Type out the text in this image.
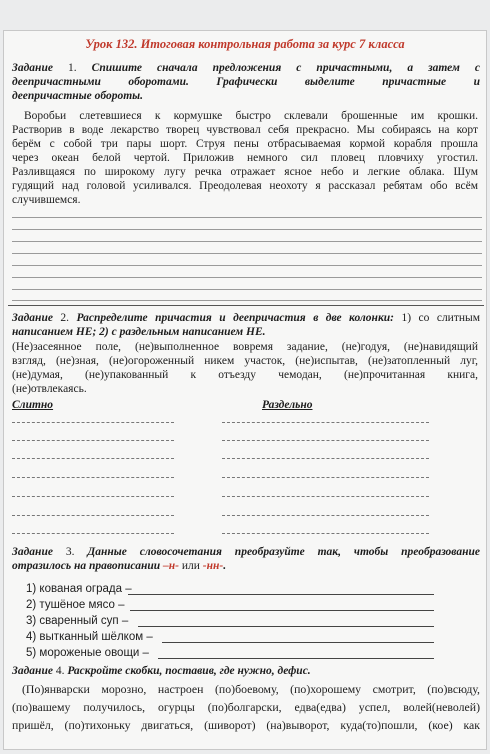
Урок 132. Итоговая контрольная работа за курс 7 класса
Задание 1. Спишите сначала предложения с причастными, а затем с
деепричастными оборотами. Графически выделите причастные и
деепричастные обороты.
Воробьи слетевшиеся к кормушке быстро склевали брошенные им крошки.
Растворив в воде лекарство творец чувствовал себя прекрасно. Мы собираясь на корт
берём с собой три пары шорт. Струя пены отбрасываемая кормой корабля прошла
через океан белой чертой. Приложив немного сил пловец пловчиху угостил.
Разливщаяся по широкому лугу речка отражает ясное небо и легкие облака. Шум
гудящий над головой усиливался. Преодолевая неохоту я рассказал ребятам обо всём
случившемся.
Задание 2. Распределите причастия и деепричастия в две колонки: 1) со слитным
написанием НЕ; 2) с раздельным написанием НЕ.
(Не)засеянное поле, (не)выполненное вовремя задание, (не)годуя, (не)навидящий
взгляд, (не)зная, (не)огороженный никем участок, (не)испытав, (не)затопленный луг,
(не)думая, (не)упакованный к отъезду чемодан, (не)прочитанная книга,
(не)отвлекаясь.
Слитно	Раздельно
Задание 3. Данные словосочетания преобразуйте так, чтобы преобразование
отразилось на правописании –н- или -нн-.
1) кованая ограда –
2) тушёное мясо –
3) сваренный суп –
4) вытканный шёлком –
5) мороженые овощи –
Задание 4. Раскройте скобки, поставив, где нужно, дефис.
(По)январски морозно, настроен (по)боевому, (по)хорошему смотрит, (по)всюду,
(по)вашему получилось, огурцы (по)болгарски, едва(едва) успел, волей(неволей)
пришёл, (по)тихоньку двигаться, (шиворот) (на)выворот, куда(то)пошли, (кое) как
